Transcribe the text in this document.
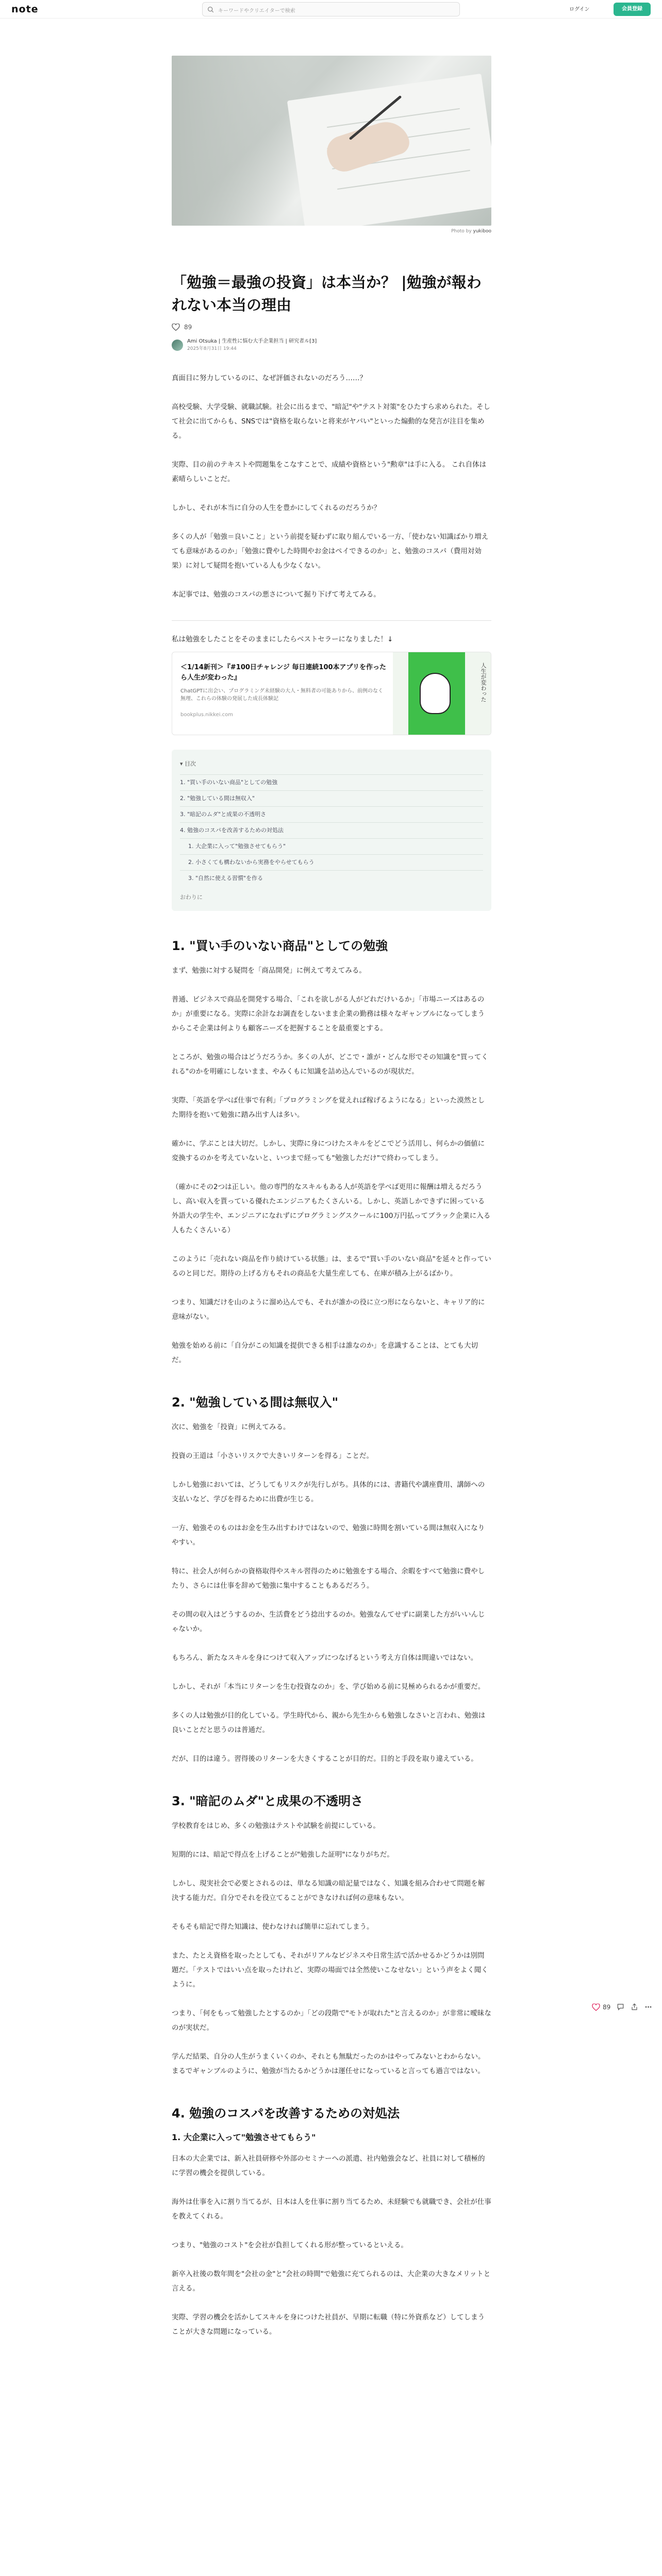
note	キーワードやクリエイターで検索	ログイン	会員登録
Photo by yukiboo
「勉強＝最強の投資」は本当か？ |勉強が報われない本当の理由
89
Ami Otsuka | 生産性に悩む大手企業担当 | 研究者ル[3]
2025年8月31日 19:44

真面目に努力しているのに、なぜ評価されないのだろう……？

高校受験、大学受験、就職試験。社会に出るまで、"暗記"や"テスト対策"をひたすら求められた。そして社会に出てからも、SNSでは"資格を取らないと将来がヤバい"といった煽動的な発言が注目を集める。

実際、目の前のテキストや問題集をこなすことで、成績や資格という"勲章"は手に入る。 これ自体は素晴らしいことだ。

しかし、それが本当に自分の人生を豊かにしてくれるのだろうか？

多くの人が「勉強＝良いこと」という前提を疑わずに取り組んでいる一方、「使わない知識ばかり増えても意味があるのか」「勉強に費やした時間やお金はペイできるのか」と、勉強のコスパ（費用対効果）に対して疑問を抱いている人も少なくない。

本記事では、勉強のコスパの悪さについて掘り下げて考えてみる。

私は勉強をしたことをそのままにしたらベストセラーになりました！↓

＜1/14新刊＞『#100日チャレンジ 毎日連続100本アプリを作ったら人生が変わった』
ChatGPTに出会い、プログラミング未経験の大人・無料者の可能ありから、前例のなく無理、これらの体験の発展した成長体験記
bookplus.nikkei.com
人生が変わった
▾ 目次
1. "買い手のいない商品"としての勉強
2. "勉強している間は無収入"
3. "暗記のムダ"と成果の不透明さ
4. 勉強のコスパを改善するための対処法
1. 大企業に入って"勉強させてもらう"
2. 小さくても構わないから実務をやらせてもらう
3. "自然に使える習慣"を作る
おわりに
1. "買い手のいない商品"としての勉強

まず、勉強に対する疑問を「商品開発」に例えて考えてみる。

普通、ビジネスで商品を開発する場合、「これを欲しがる人がどれだけいるか」「市場ニーズはあるのか」が重要になる。実際に余計なお調査をしないまま企業の勤務は様々なギャンブルになってしまうからこそ企業は何よりも顧客ニーズを把握することを最重要とする。

ところが、勉強の場合はどうだろうか。多くの人が、どこで・誰が・どんな形でその知識を"買ってくれる"のかを明確にしないまま、やみくもに知識を詰め込んでいるのが現状だ。

実際、「英語を学べば仕事で有利」「プログラミングを覚えれば稼げるようになる」といった漠然とした期待を抱いて勉強に踏み出す人は多い。

確かに、学ぶことは大切だ。しかし、実際に身につけたスキルをどこでどう活用し、何らかの価値に変換するのかを考えていないと、いつまで経っても"勉強しただけ"で終わってしまう。

（確かにその2つは正しい。他の専門的なスキルもある人が英語を学べば更用に報酬は増えるだろうし、高い収入を貰っている優れたエンジニアもたくさんいる。しかし、英語しかできずに困っている外語大の学生や、エンジニアになれずにプログラミングスクールに100万円払ってブラック企業に入る人もたくさんいる）

このように「売れない商品を作り続けている状態」は、まるで"買い手のいない商品"を延々と作っているのと同じだ。期待の上げる方もそれの商品を大量生産しても、在庫が積み上がるばかり。

つまり、知識だけを山のように溜め込んでも、それが誰かの役に立つ形にならないと、キャリア的に意味がない。

勉強を始める前に「自分がこの知識を提供できる相手は誰なのか」を意識することは、とても大切だ。

2. "勉強している間は無収入"

次に、勉強を「投資」に例えてみる。

投資の王道は「小さいリスクで大きいリターンを得る」ことだ。

しかし勉強においては、どうしてもリスクが先行しがち。具体的には、書籍代や講座費用、講師への支払いなど、学びを得るために出費が生じる。

一方、勉強そのものはお金を生み出すわけではないので、勉強に時間を割いている間は無収入になりやすい。

特に、社会人が何らかの資格取得やスキル習得のために勉強をする場合、余暇をすべて勉強に費やしたり、さらには仕事を辞めて勉強に集中することもあるだろう。

その間の収入はどうするのか、生活費をどう捻出するのか。勉強なんてせずに副業した方がいいんじゃないか。

もちろん、新たなスキルを身につけて収入アップにつなげるという考え方自体は間違いではない。

しかし、それが「本当にリターンを生む投資なのか」を、学び始める前に見極められるかが重要だ。

多くの人は勉強が目的化している。学生時代から、親から先生からも勉強しなさいと言われ、勉強は良いことだと思うのは普通だ。

だが、目的は違う。習得後のリターンを大きくすることが目的だ。目的と手段を取り違えている。

3. "暗記のムダ"と成果の不透明さ

学校教育をはじめ、多くの勉強はテストや試験を前提にしている。

短期的には、暗記で得点を上げることが"勉強した証明"になりがちだ。

しかし、現実社会で必要とされるのは、単なる知識の暗記量ではなく、知識を組み合わせて問題を解決する能力だ。自分でそれを役立てることができなければ何の意味もない。

そもそも暗記で得た知識は、使わなければ簡単に忘れてしまう。

また、たとえ資格を取ったとしても、それがリアルなビジネスや日常生活で活かせるかどうかは別問題だ。「テストではいい点を取ったけれど、実際の場面では全然使いこなせない」という声をよく聞くように。

つまり、「何をもって勉強したとするのか」「どの段階で"モトが取れた"と言えるのか」が非常に曖昧なのが実状だ。

学んだ結果、自分の人生がうまくいくのか、それとも無駄だったのかはやってみないとわからない。まるでギャンブルのように、勉強が当たるかどうかは運任せになっていると言っても過言ではない。

4. 勉強のコスパを改善するための対処法
1. 大企業に入って"勉強させてもらう"

日本の大企業では、新入社員研修や外部のセミナーへの派遣、社内勉強会など、社員に対して積極的に学習の機会を提供している。

海外は仕事を入に割り当てるが、日本は人を仕事に割り当てるため、未経験でも就職でき、会社が仕事を教えてくれる。

つまり、"勉強のコスト"を会社が負担してくれる形が整っているといえる。

新卒入社後の数年間を"会社の金"と"会社の時間"で勉強に充てられるのは、大企業の大きなメリットと言える。

実際、学習の機会を活かしてスキルを身につけた社員が、早期に転職（特に外資系など）してしまうことが大きな問題になっている。

89
